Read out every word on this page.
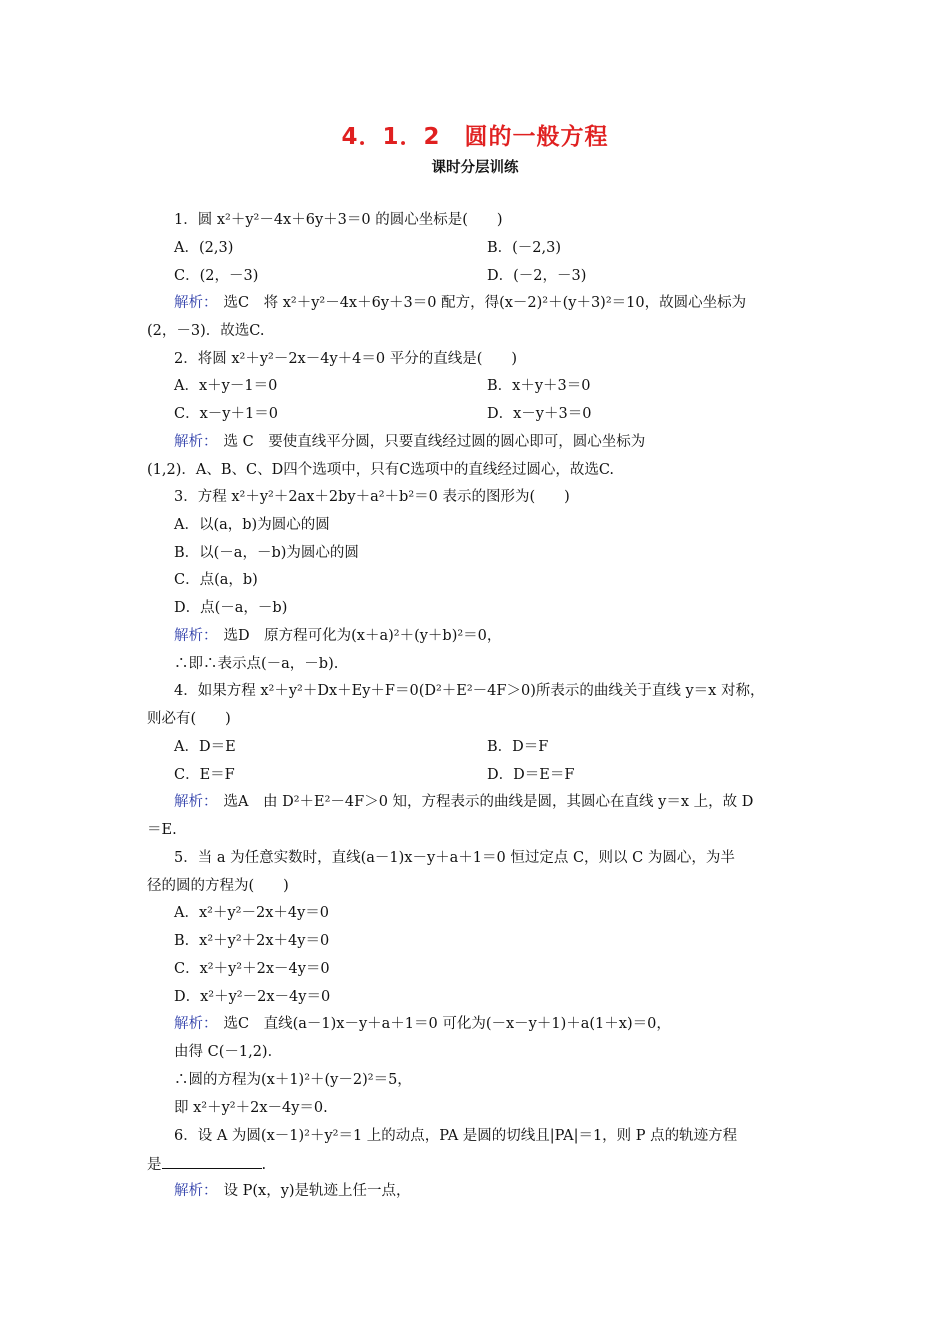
4．1．2　圆的一般方程
课时分层训练
1．圆 x²＋y²－4x＋6y＋3＝0 的圆心坐标是(　　)
A．(2,3)	B．(－2,3)
C．(2，－3)	D．(－2，－3)
解析： 选C　将 x²＋y²－4x＋6y＋3＝0 配方，得(x－2)²＋(y＋3)²＝10，故圆心坐标为
(2，－3)．故选C.
2．将圆 x²＋y²－2x－4y＋4＝0 平分的直线是(　　)
A．x＋y－1＝0	B．x＋y＋3＝0
C．x－y＋1＝0	D．x－y＋3＝0
解析： 选 C　要使直线平分圆，只要直线经过圆的圆心即可，圆心坐标为
(1,2)．A、B、C、D四个选项中，只有C选项中的直线经过圆心，故选C.
3．方程 x²＋y²＋2ax＋2by＋a²＋b²＝0 表示的图形为(　　)
A．以(a，b)为圆心的圆
B．以(－a，－b)为圆心的圆
C．点(a，b)
D．点(－a，－b)
解析： 选D　原方程可化为(x＋a)²＋(y＋b)²＝0，
∴即∴表示点(－a，－b).
4．如果方程 x²＋y²＋Dx＋Ey＋F＝0(D²＋E²－4F＞0)所表示的曲线关于直线 y＝x 对称，
则必有(　　)
A．D＝E	B．D＝F
C．E＝F	D．D＝E＝F
解析： 选A　由 D²＋E²－4F＞0 知，方程表示的曲线是圆，其圆心在直线 y＝x 上，故 D
＝E.
5．当 a 为任意实数时，直线(a－1)x－y＋a＋1＝0 恒过定点 C，则以 C 为圆心，为半
径的圆的方程为(　　)
A．x²＋y²－2x＋4y＝0
B．x²＋y²＋2x＋4y＝0
C．x²＋y²＋2x－4y＝0
D．x²＋y²－2x－4y＝0
解析： 选C　直线(a－1)x－y＋a＋1＝0 可化为(－x－y＋1)＋a(1＋x)＝0，
由得 C(－1,2)．
∴圆的方程为(x＋1)²＋(y－2)²＝5，
即 x²＋y²＋2x－4y＝0.
6．设 A 为圆(x－1)²＋y²＝1 上的动点，PA 是圆的切线且|PA|＝1，则 P 点的轨迹方程
是	.
解析： 设 P(x，y)是轨迹上任一点，
